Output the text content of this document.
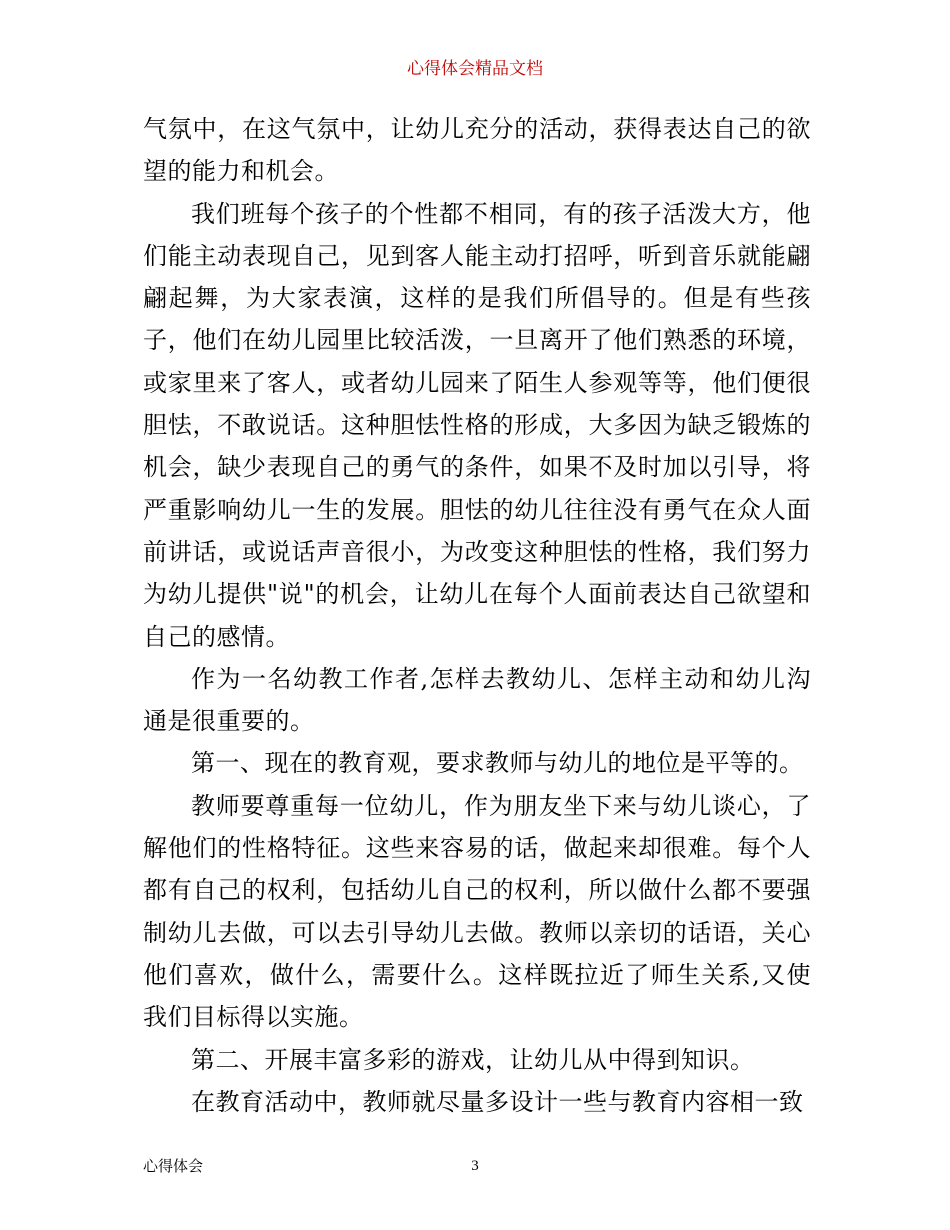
心得体会精品文档

气氛中，在这气氛中，让幼儿充分的活动，获得表达自己的欲望的能力和机会。

我们班每个孩子的个性都不相同，有的孩子活泼大方，他们能主动表现自己，见到客人能主动打招呼，听到音乐就能翩翩起舞，为大家表演，这样的是我们所倡导的。但是有些孩子，他们在幼儿园里比较活泼，一旦离开了他们熟悉的环境，或家里来了客人，或者幼儿园来了陌生人参观等等，他们便很胆怯，不敢说话。这种胆怯性格的形成，大多因为缺乏锻炼的机会，缺少表现自己的勇气的条件，如果不及时加以引导，将严重影响幼儿一生的发展。胆怯的幼儿往往没有勇气在众人面前讲话，或说话声音很小，为改变这种胆怯的性格，我们努力为幼儿提供"说"的机会，让幼儿在每个人面前表达自己欲望和自己的感情。

作为一名幼教工作者,怎样去教幼儿、怎样主动和幼儿沟通是很重要的。

第一、现在的教育观，要求教师与幼儿的地位是平等的。

教师要尊重每一位幼儿，作为朋友坐下来与幼儿谈心，了解他们的性格特征。这些来容易的话，做起来却很难。每个人都有自己的权利，包括幼儿自己的权利，所以做什么都不要强制幼儿去做，可以去引导幼儿去做。教师以亲切的话语，关心他们喜欢，做什么，需要什么。这样既拉近了师生关系,又使我们目标得以实施。

第二、开展丰富多彩的游戏，让幼儿从中得到知识。

在教育活动中，教师就尽量多设计一些与教育内容相一致

心得体会	3
